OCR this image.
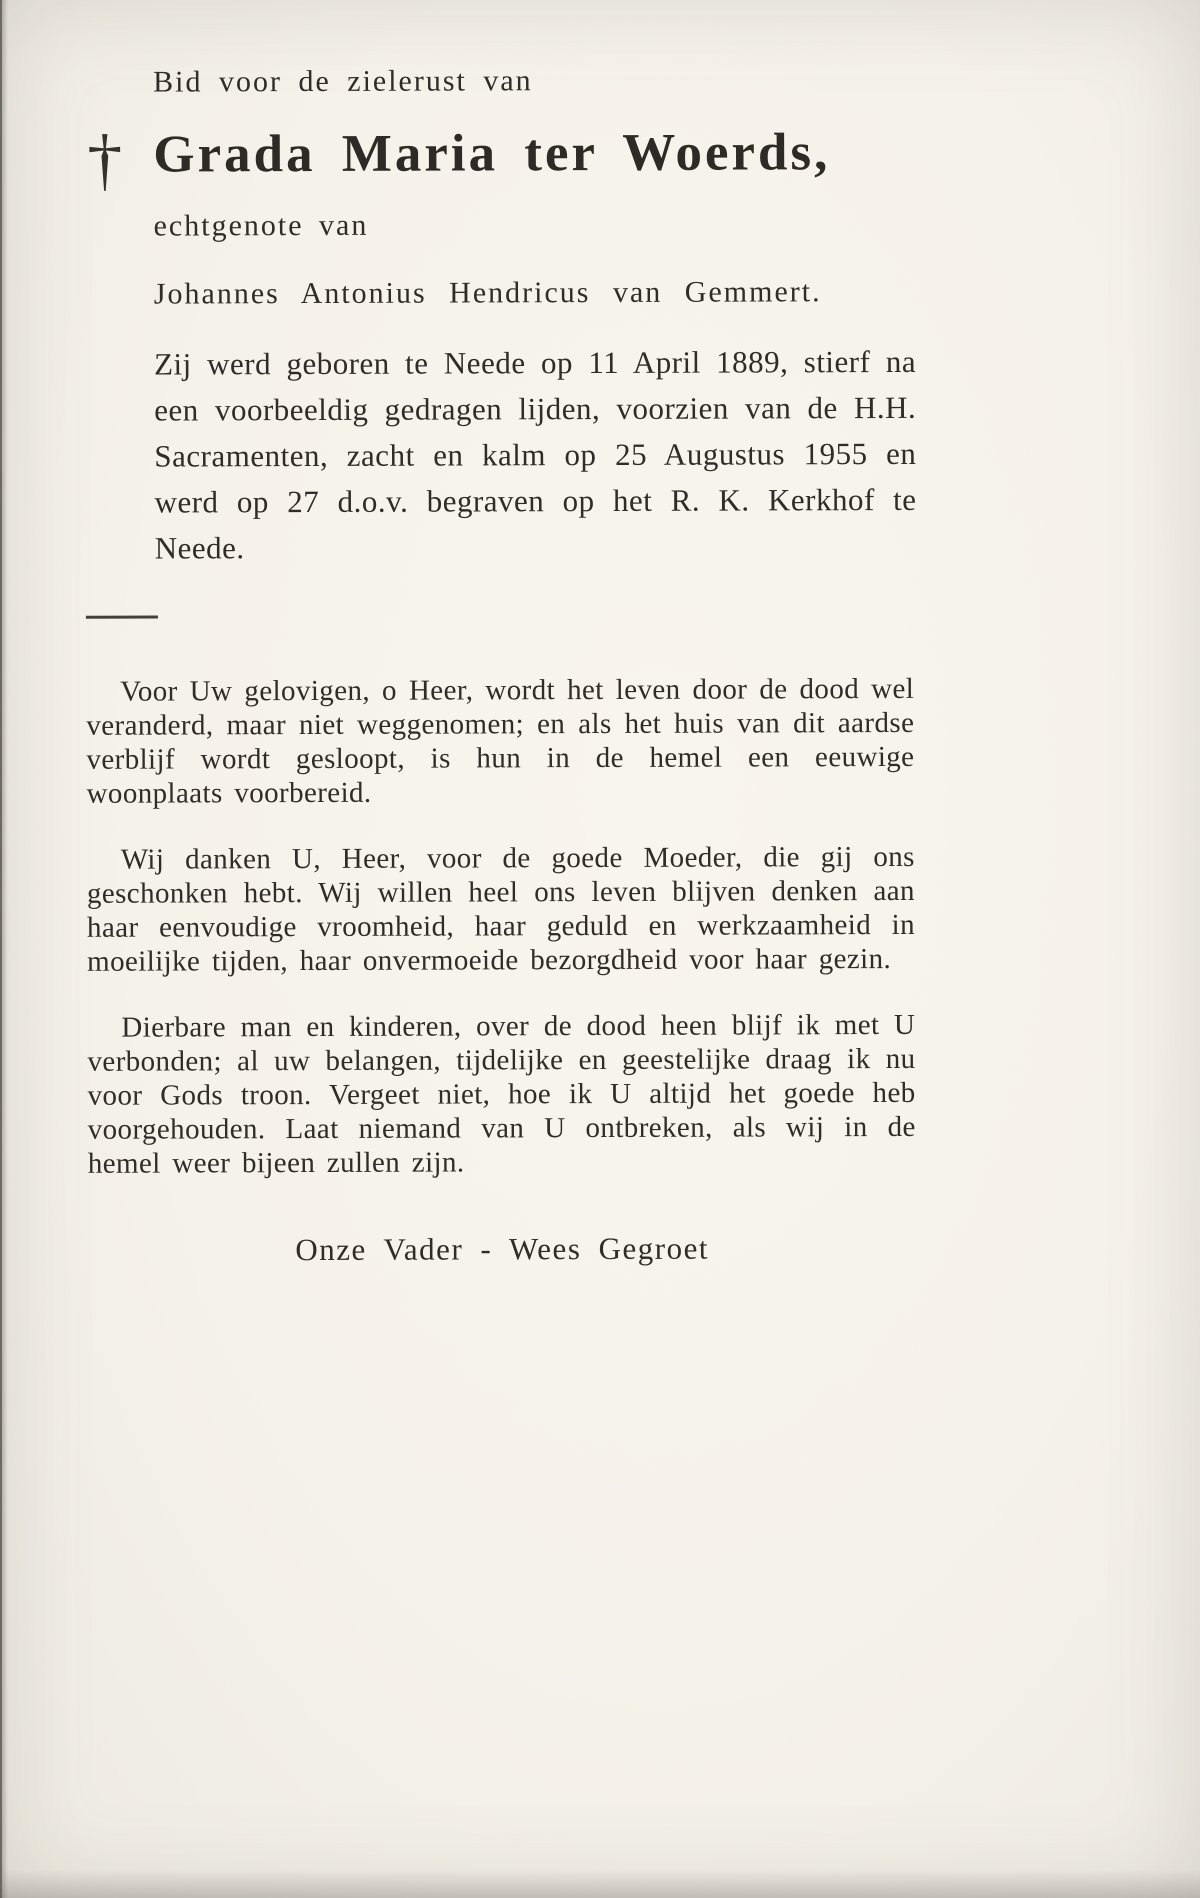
Bid voor de zielerust van
† Grada Maria ter Woerds,
echtgenote van
Johannes Antonius Hendricus van Gemmert.

Zij werd geboren te Neede op 11 April 1889, stierf na een voorbeeldig gedragen lijden, voorzien van de H.H. Sacramenten, zacht en kalm op 25 Augustus 1955 en werd op 27 d.o.v. begraven op het R. K. Kerkhof te Neede.

Voor Uw gelovigen, o Heer, wordt het leven door de dood wel veranderd, maar niet weggenomen; en als het huis van dit aardse verblijf wordt gesloopt, is hun in de hemel een eeuwige woonplaats voorbereid.

Wij danken U, Heer, voor de goede Moeder, die gij ons geschonken hebt. Wij willen heel ons leven blijven denken aan haar eenvoudige vroomheid, haar geduld en werkzaamheid in moeilijke tijden, haar onvermoeide bezorgdheid voor haar gezin.

Dierbare man en kinderen, over de dood heen blijf ik met U verbonden; al uw belangen, tijdelijke en geestelijke draag ik nu voor Gods troon. Vergeet niet, hoe ik U altijd het goede heb voorgehouden. Laat niemand van U ontbreken, als wij in de hemel weer bijeen zullen zijn.

Onze Vader - Wees Gegroet
